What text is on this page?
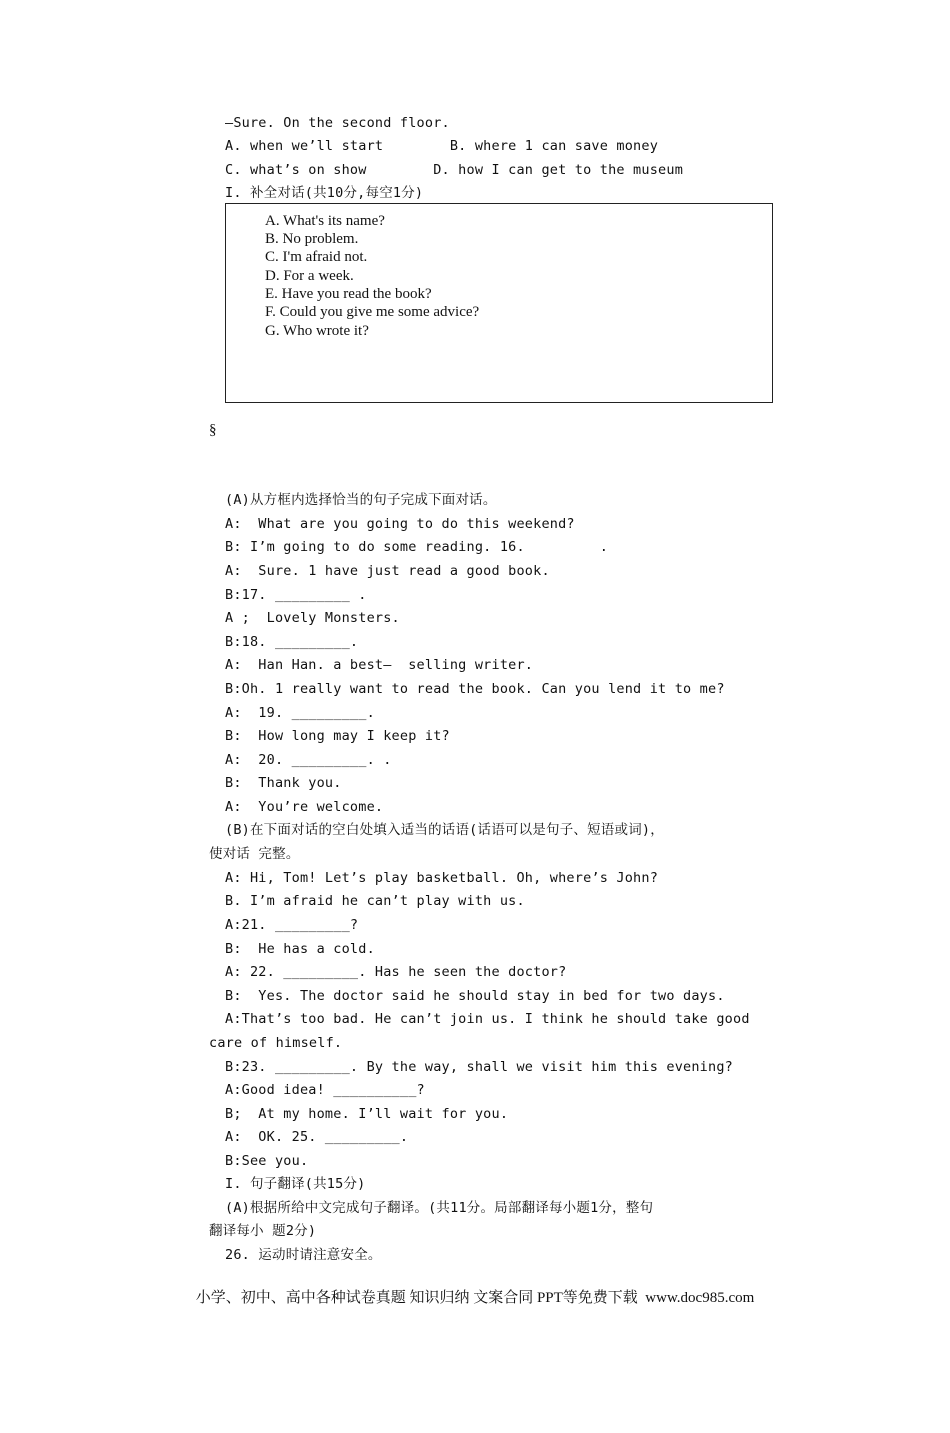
—Sure. On the second floor.
A. when we’ll start        B. where 1 can save money
C. what’s on show        D. how I can get to the museum
I. 补全对话(共10分,每空1分)
A. What's its name?
B. No problem.
C. I'm afraid not.
D. For a week.
E. Have you read the book?
F. Could you give me some advice?
G. Who wrote it?
§
(A)从方框内选择恰当的句子完成下面对话。
A:  What are you going to do this weekend?
B: I’m going to do some reading. 16.         .
A:  Sure. 1 have just read a good book.
B:17. _________ .
A ;  Lovely Monsters.
B:18. _________.
A:  Han Han. a best—  selling writer.
B:Oh. 1 really want to read the book. Can you lend it to me?
A:  19. _________.
B:  How long may I keep it?
A:  20. _________. .
B:  Thank you.
A:  You’re welcome.
(B)在下面对话的空白处填入适当的话语(话语可以是句子、短语或词)，
使对话 完整。
A: Hi, Tom! Let’s play basketball. Oh, where’s John?
B. I’m afraid he can’t play with us.
A:21. _________?
B:  He has a cold.
A: 22. _________. Has he seen the doctor?
B:  Yes. The doctor said he should stay in bed for two days.
A:That’s too bad. He can’t join us. I think he should take good
care of himself.
B:23. _________. By the way, shall we visit him this evening?
A:Good idea! __________?
B;  At my home. I’ll wait for you.
A:  OK. 25. _________.
B:See you.
I. 句子翻译(共15分)
(A)根据所给中文完成句子翻译。(共11分。局部翻译每小题1分，整句
翻译每小 题2分)
26. 运动时请注意安全。
小学、初中、高中各种试卷真题 知识归纳 文案合同 PPT等免费下载  www.doc985.com
